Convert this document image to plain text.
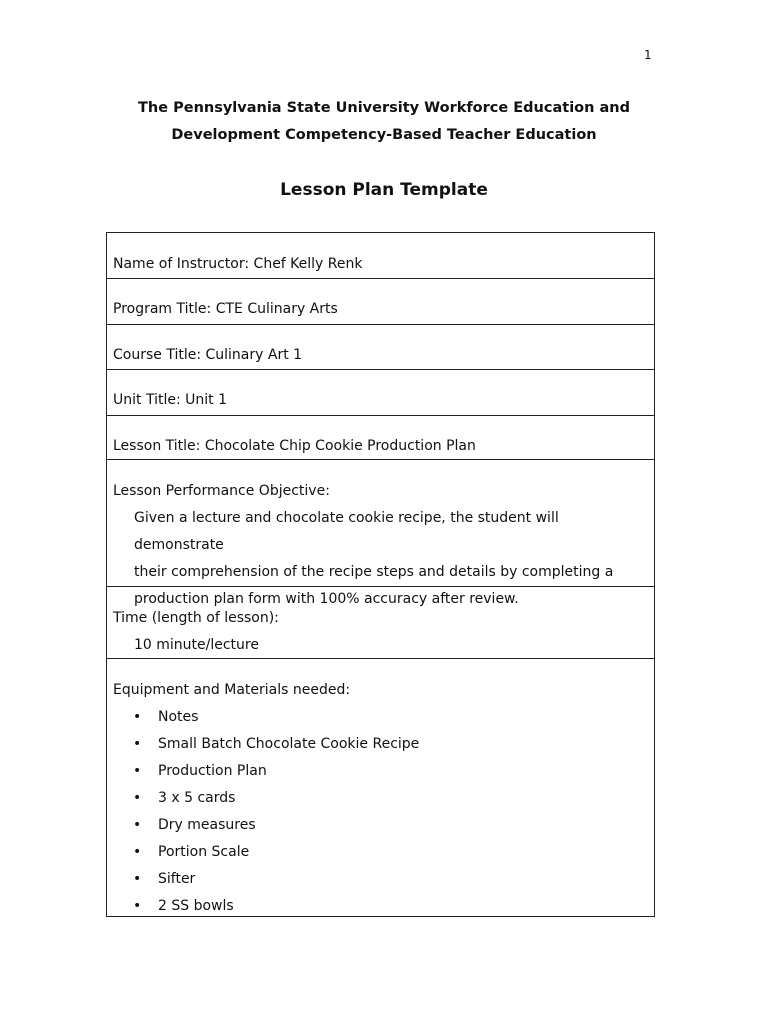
1
The Pennsylvania State University Workforce Education and
Development Competency-Based Teacher Education
Lesson Plan Template
Name of Instructor: Chef Kelly Renk
Program Title: CTE Culinary Arts
Course Title: Culinary Art 1
Unit Title: Unit 1
Lesson Title: Chocolate Chip Cookie Production Plan
Lesson Performance Objective:
Given a lecture and chocolate cookie recipe, the student will demonstrate
their comprehension of the recipe steps and details by completing a
production plan form with 100% accuracy after review.
Time (length of lesson):
10 minute/lecture
Equipment and Materials needed:
• Notes
• Small Batch Chocolate Cookie Recipe
• Production Plan
• 3 x 5 cards
• Dry measures
• Portion Scale
• Sifter
• 2 SS bowls
